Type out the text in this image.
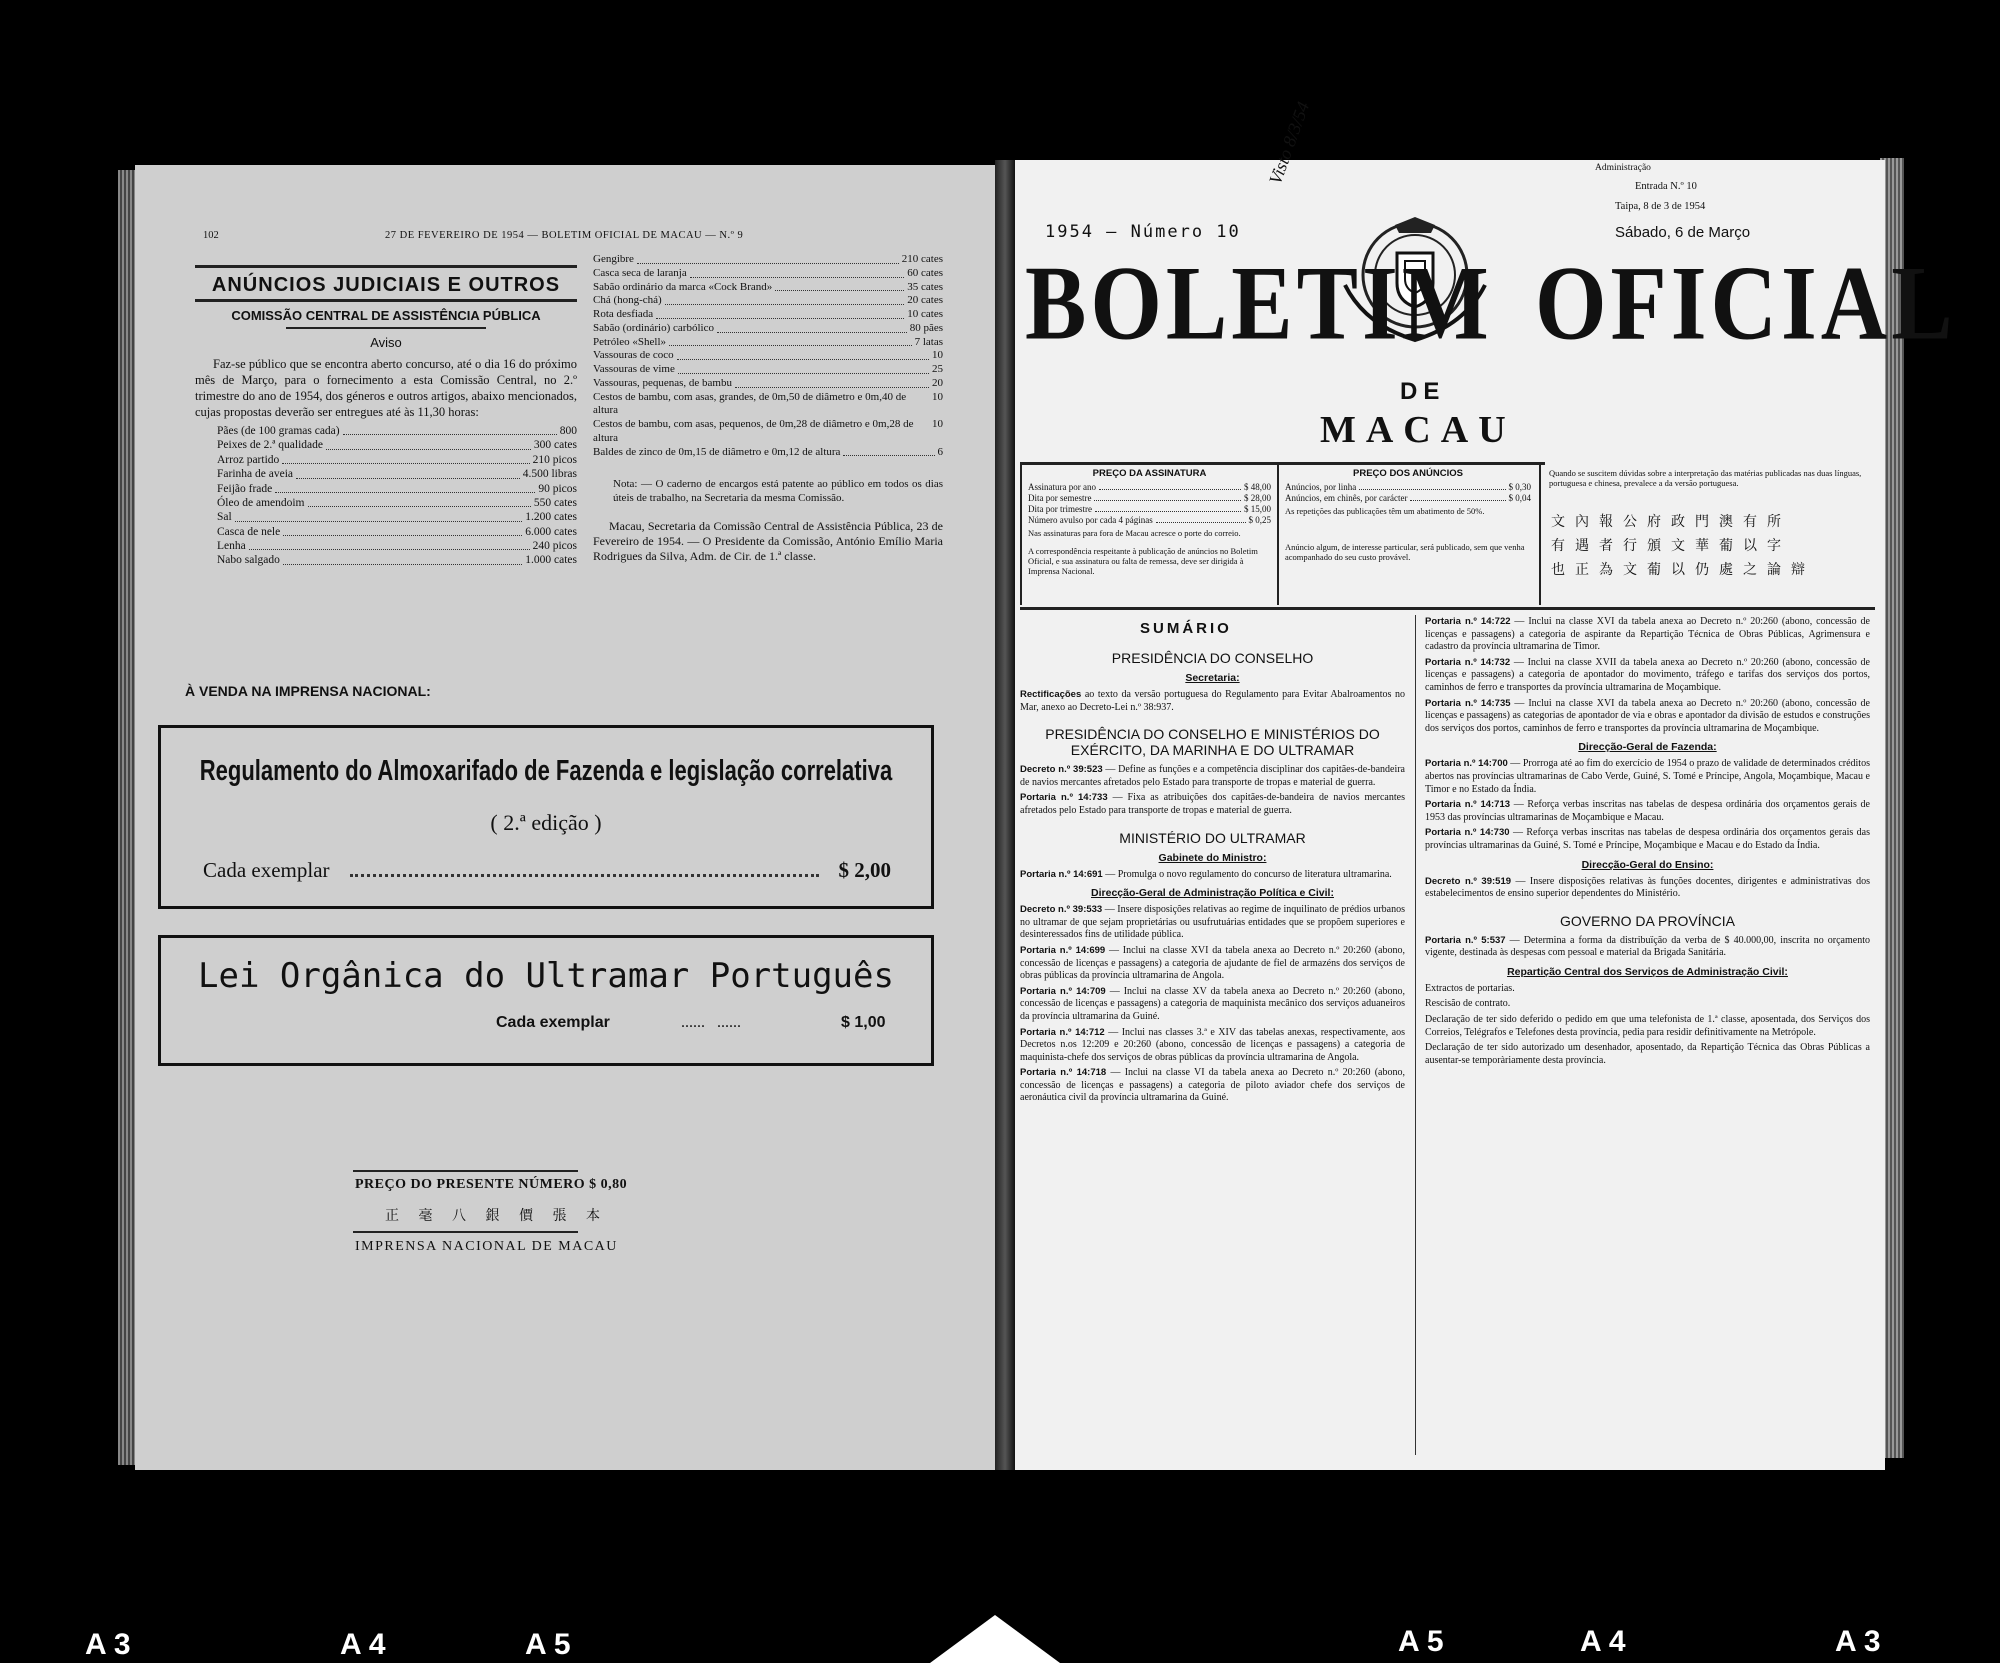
102	27 DE FEVEREIRO DE 1954 — BOLETIM OFICIAL DE MACAU — N.º 9
ANÚNCIOS JUDICIAIS E OUTROS
COMISSÃO CENTRAL DE ASSISTÊNCIA PÚBLICA
Aviso
Faz-se público que se encontra aberto concurso, até o dia 16 do próximo mês de Março, para o fornecimento a esta Comissão Central, no 2.º trimestre do ano de 1954, dos géneros e outros artigos, abaixo mencionados, cujas propostas deverão ser entregues até às 11,30 horas:
Pães (de 100 gramas cada)	800
Peixes de 2.ª qualidade	300 cates
Arroz partido	210 picos
Farinha de aveia	4.500 libras
Feijão frade	90 picos
Óleo de amendoim	550 cates
Sal	1.200 cates
Casca de nele	6.000 cates
Lenha	240 picos
Nabo salgado	1.000 cates
Gengibre	210 cates
Casca seca de laranja	60 cates
Sabão ordinário da marca «Cock Brand»	35 cates
Chá (hong-chá)	20 cates
Rota desfiada	10 cates
Sabão (ordinário) carbólico	80 pães
Petróleo «Shell»	7 latas
Vassouras de coco	10
Vassouras de vime	25
Vassouras, pequenas, de bambu	20
Cestos de bambu, com asas, grandes, de 0m,50 de diâmetro e 0m,40 de altura
10
Cestos de bambu, com asas, pequenos, de 0m,28 de diâmetro e 0m,28 de altura
10
Baldes de zinco de 0m,15 de diâmetro e 0m,12 de altura	6
Nota: — O caderno de encargos está patente ao público em todos os dias úteis de trabalho, na Secretaria da mesma Comissão.
Macau, Secretaria da Comissão Central de Assistência Pública, 23 de Fevereiro de 1954. — O Presidente da Comissão, António Emílio Maria Rodrigues da Silva, Adm. de Cir. de 1.ª classe.
À VENDA NA IMPRENSA NACIONAL:
Regulamento do Almoxarifado de Fazenda e legislação correlativa
( 2.ª edição )
Cada exemplar	$ 2,00
Lei Orgânica do Ultramar Português
Cada exemplar	......   ......	$ 1,00
PREÇO DO PRESENTE NÚMERO $ 0,80
正 毫 八 銀 價 張 本
IMPRENSA NACIONAL DE MACAU
Administração
Entrada N.º 10
Taipa, 8 de 3 de 1954
Visto 8/3/54
1954 — Número 10	Sábado, 6 de Março
BOLETIM OFICIAL
DE
MACAU
PREÇO DA ASSINATURA
Assinatura por ano	$ 48,00
Dita por semestre	$ 28,00
Dita por trimestre	$ 15,00
Número avulso por cada 4 páginas	$ 0,25
Nas assinaturas para fora de Macau acresce o porte do correio.
A correspondência respeitante à publicação de anúncios no Boletim Oficial, e sua assinatura ou falta de remessa, deve ser dirigida à Imprensa Nacional.
PREÇO DOS ANÚNCIOS
Anúncios, por linha	$ 0,30
Anúncios, em chinês, por carácter	$ 0,04
As repetições das publicações têm um abatimento de 50%.
Anúncio algum, de interesse particular, será publicado, sem que venha acompanhado do seu custo provável.
Quando se suscitem dúvidas sobre a interpretação das matérias publicadas nas duas línguas, portuguesa e chinesa, prevalece a da versão portuguesa.
文內報公府政門澳有所
有遇者行頒文華葡以字
也正為文葡以仍處之論辯
SUMÁRIO
PRESIDÊNCIA DO CONSELHO
Secretaria:
Rectificações ao texto da versão portuguesa do Regulamento para Evitar Abalroamentos no Mar, anexo ao Decreto-Lei n.º 38:937.
PRESIDÊNCIA DO CONSELHO E MINISTÉRIOS DO EXÉRCITO, DA MARINHA E DO ULTRAMAR
Decreto n.º 39:523 — Define as funções e a competência disciplinar dos capitães-de-bandeira de navios mercantes afretados pelo Estado para transporte de tropas e material de guerra.
Portaria n.º 14:733 — Fixa as atribuições dos capitães-de-bandeira de navios mercantes afretados pelo Estado para transporte de tropas e material de guerra.
MINISTÉRIO DO ULTRAMAR
Gabinete do Ministro:
Portaria n.º 14:691 — Promulga o novo regulamento do concurso de literatura ultramarina.
Direcção-Geral de Administração Política e Civil:
Decreto n.º 39:533 — Insere disposições relativas ao regime de inquilinato de prédios urbanos no ultramar de que sejam proprietárias ou usufrutuárias entidades que se propõem superiores e desinteressados fins de utilidade pública.
Portaria n.º 14:699 — Inclui na classe XVI da tabela anexa ao Decreto n.º 20:260 (abono, concessão de licenças e passagens) a categoria de ajudante de fiel de armazéns dos serviços de obras públicas da província ultramarina de Angola.
Portaria n.º 14:709 — Inclui na classe XV da tabela anexa ao Decreto n.º 20:260 (abono, concessão de licenças e passagens) a categoria de maquinista mecânico dos serviços aduaneiros da província ultramarina da Guiné.
Portaria n.º 14:712 — Inclui nas classes 3.ª e XIV das tabelas anexas, respectivamente, aos Decretos n.os 12:209 e 20:260 (abono, concessão de licenças e passagens) a categoria de maquinista-chefe dos serviços de obras públicas da província ultramarina de Angola.
Portaria n.º 14:718 — Inclui na classe VI da tabela anexa ao Decreto n.º 20:260 (abono, concessão de licenças e passagens) a categoria de piloto aviador chefe dos serviços de aeronáutica civil da província ultramarina da Guiné.
Portaria n.º 14:722 — Inclui na classe XVI da tabela anexa ao Decreto n.º 20:260 (abono, concessão de licenças e passagens) a categoria de aspirante da Repartição Técnica de Obras Públicas, Agrimensura e cadastro da província ultramarina de Timor.
Portaria n.º 14:732 — Inclui na classe XVII da tabela anexa ao Decreto n.º 20:260 (abono, concessão de licenças e passagens) a categoria de apontador do movimento, tráfego e tarifas dos serviços dos portos, caminhos de ferro e transportes da província ultramarina de Moçambique.
Portaria n.º 14:735 — Inclui na classe XVI da tabela anexa ao Decreto n.º 20:260 (abono, concessão de licenças e passagens) as categorias de apontador de via e obras e apontador da divisão de estudos e construções dos serviços dos portos, caminhos de ferro e transportes da província ultramarina de Moçambique.
Direcção-Geral de Fazenda:
Portaria n.º 14:700 — Prorroga até ao fim do exercício de 1954 o prazo de validade de determinados créditos abertos nas províncias ultramarinas de Cabo Verde, Guiné, S. Tomé e Príncipe, Angola, Moçambique, Macau e Timor e no Estado da Índia.
Portaria n.º 14:713 — Reforça verbas inscritas nas tabelas de despesa ordinária dos orçamentos gerais de 1953 das províncias ultramarinas de Moçambique e Macau.
Portaria n.º 14:730 — Reforça verbas inscritas nas tabelas de despesa ordinária dos orçamentos gerais das províncias ultramarinas da Guiné, S. Tomé e Príncipe, Moçambique e Macau e do Estado da Índia.
Direcção-Geral do Ensino:
Decreto n.º 39:519 — Insere disposições relativas às funções docentes, dirigentes e administrativas dos estabelecimentos de ensino superior dependentes do Ministério.
GOVERNO DA PROVÍNCIA
Portaria n.º 5:537 — Determina a forma da distribuïção da verba de $ 40.000,00, inscrita no orçamento vigente, destinada às despesas com pessoal e material da Brigada Sanitária.
Repartição Central dos Serviços de Administração Civil:
Extractos de portarias.
Rescisão de contrato.
Declaração de ter sido deferido o pedido em que uma telefonista de 1.ª classe, aposentada, dos Serviços dos Correios, Telégrafos e Telefones desta província, pedia para residir definitivamente na Metrópole.
Declaração de ter sido autorizado um desenhador, aposentado, da Repartição Técnica das Obras Públicas a ausentar-se temporàriamente desta província.
A 3	A 4	A 5	A 5	A 4	A 3
